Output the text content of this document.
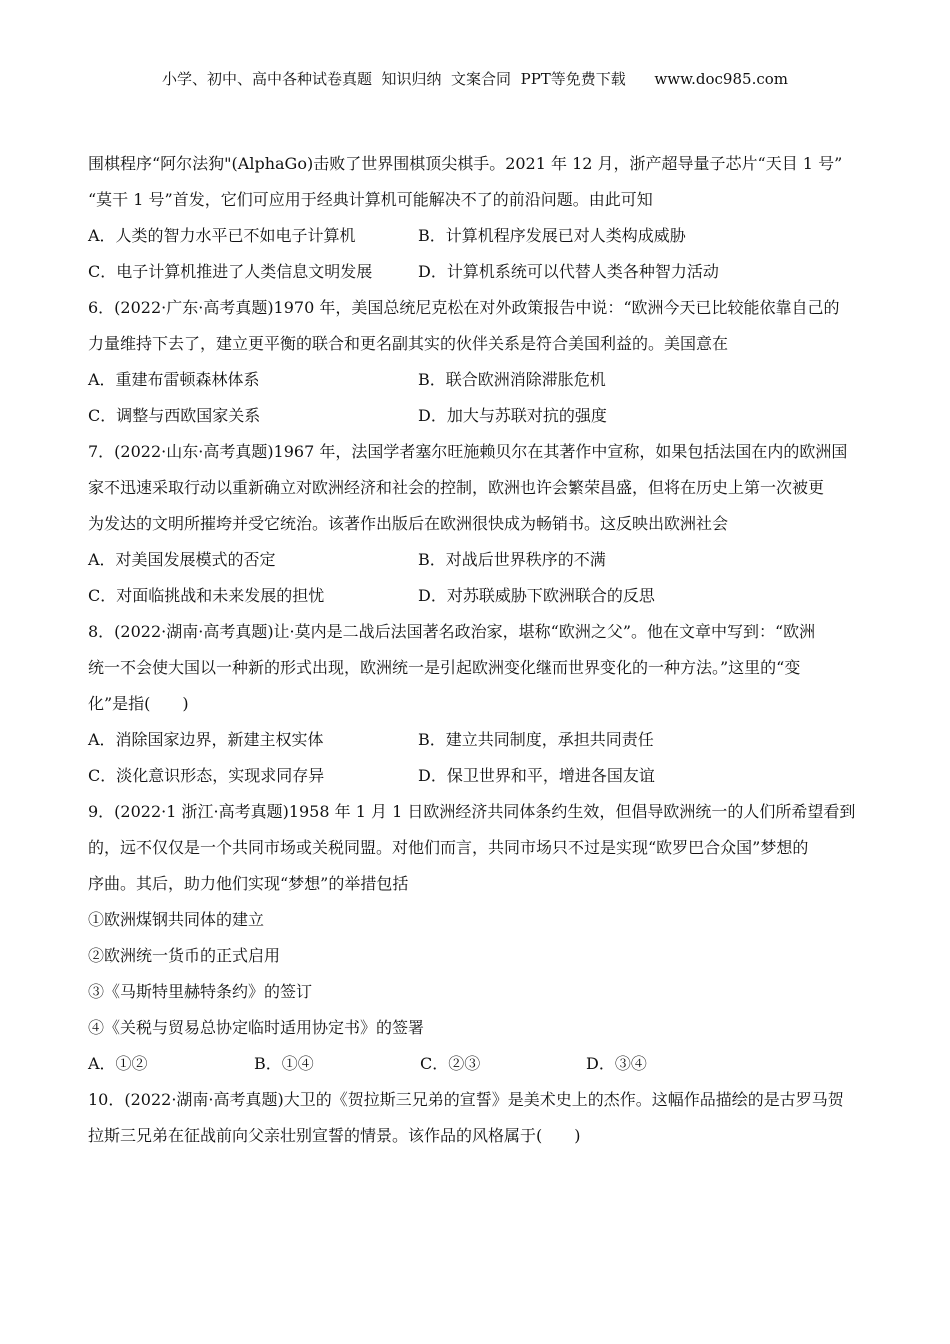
小学、初中、高中各种试卷真题  知识归纳  文案合同  PPT等免费下载      www.doc985.com
围棋程序“阿尔法狗"(AlphaGo)击败了世界围棋顶尖棋手。2021 年 12 月，浙产超导量子芯片“天目 1 号”
“莫干 1 号”首发，它们可应用于经典计算机可能解决不了的前沿问题。由此可知
A．人类的智力水平已不如电子计算机	B．计算机程序发展已对人类构成威胁
C．电子计算机推进了人类信息文明发展	D．计算机系统可以代替人类各种智力活动
6．(2022·广东·高考真题)1970 年，美国总统尼克松在对外政策报告中说：“欧洲今天已比较能依靠自己的
力量维持下去了，建立更平衡的联合和更名副其实的伙伴关系是符合美国利益的。美国意在
A．重建布雷顿森林体系	B．联合欧洲消除滞胀危机
C．调整与西欧国家关系	D．加大与苏联对抗的强度
7．(2022·山东·高考真题)1967 年，法国学者塞尔旺施赖贝尔在其著作中宣称，如果包括法国在内的欧洲国
家不迅速采取行动以重新确立对欧洲经济和社会的控制，欧洲也许会繁荣昌盛，但将在历史上第一次被更
为发达的文明所摧垮并受它统治。该著作出版后在欧洲很快成为畅销书。这反映出欧洲社会
A．对美国发展模式的否定	B．对战后世界秩序的不满
C．对面临挑战和未来发展的担忧	D．对苏联威胁下欧洲联合的反思
8．(2022·湖南·高考真题)让·莫内是二战后法国著名政治家，堪称“欧洲之父”。他在文章中写到：“欧洲
统一不会使大国以一种新的形式出现，欧洲统一是引起欧洲变化继而世界变化的一种方法。”这里的“变
化”是指(　　)
A．消除国家边界，新建主权实体	B．建立共同制度，承担共同责任
C．淡化意识形态，实现求同存异	D．保卫世界和平，增进各国友谊
9．(2022·1 浙江·高考真题)1958 年 1 月 1 日欧洲经济共同体条约生效，但倡导欧洲统一的人们所希望看到
的，远不仅仅是一个共同市场或关税同盟。对他们而言，共同市场只不过是实现“欧罗巴合众国”梦想的
序曲。其后，助力他们实现“梦想”的举措包括
①欧洲煤钢共同体的建立
②欧洲统一货币的正式启用
③《马斯特里赫特条约》的签订
④《关税与贸易总协定临时适用协定书》的签署
A．①②	B．①④	C．②③	D．③④
10．(2022·湖南·高考真题)大卫的《贺拉斯三兄弟的宣誓》是美术史上的杰作。这幅作品描绘的是古罗马贺
拉斯三兄弟在征战前向父亲壮别宣誓的情景。该作品的风格属于(　　)
